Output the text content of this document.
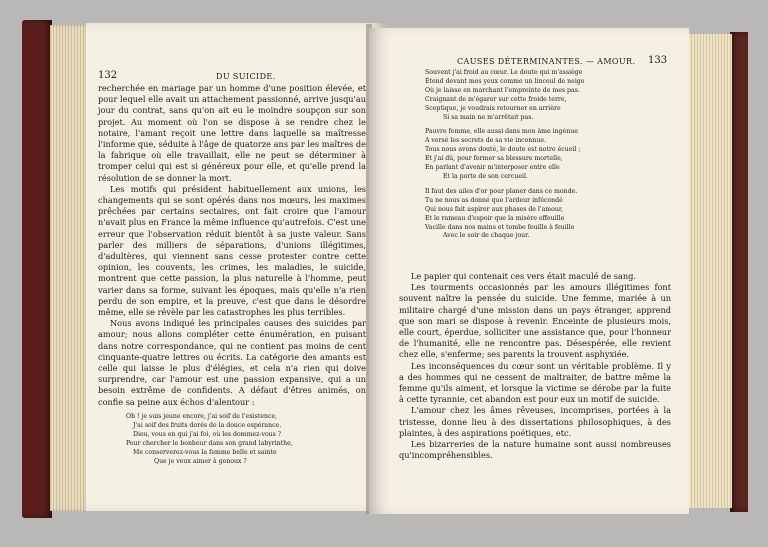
132	DU SUICIDE.

recherchée en mariage par un homme d'une position élevée, et pour lequel elle avait un attachement passionné, arrive jusqu'au jour du contrat, sans qu'on ait eu le moindre soupçon sur son projet. Au moment où l'on se dispose à se rendre chez le notaire, l'amant reçoit une lettre dans laquelle sa maîtresse l'informe que, séduite à l'âge de quatorze ans par les maîtres de la fabrique où elle travaillait, elle ne peut se déterminer à tromper celui qui est si généreux pour elle, et qu'elle prend la résolution de se donner la mort.

Les motifs qui président habituellement aux unions, les changements qui se sont opérés dans nos mœurs, les maximes prêchées par certains sectaires, ont fait croire que l'amour n'avait plus en France la même influence qu'autrefois. C'est une erreur que l'observation réduit bientôt à sa juste valeur. Sans parler des milliers de séparations, d'unions illégitimes, d'adultères, qui viennent sans cesse protester contre cette opinion, les couvents, les crimes, les maladies, le suicide, montrent que cette passion, la plus naturelle à l'homme, peut varier dans sa forme, suivant les époques, mais qu'elle n'a rien perdu de son empire, et la preuve, c'est que dans le désordre même, elle se révèle par les catastrophes les plus terribles.

Nous avons indiqué les principales causes des suicides par amour; nous allons compléter cette énumération, en puisant dans notre correspondance, qui ne contient pas moins de cent cinquante-quatre lettres ou écrits. La catégorie des amants est celle qui laisse le plus d'élégies, et cela n'a rien qui doive surprendre, car l'amour est une passion expansive, qui a un besoin extrême de confidents. A défaut d'êtres animés, on confie sa peine aux échos d'alentour :

Oh ! je suis jeune encore, j'ai soif de l'existence,
J'ai soif des fruits dorés de la douce espérance.
Dieu, vous en qui j'ai foi, où les dommez-vous ?
Pour chercher le bonheur dans son grand labyrinthe,
Me conserverez-vous la femme belle et sainte
Que je veux aimer à genoux ?
CAUSES DÉTERMINANTES. — AMOUR. 133
Souvent j'ai froid au cœur. Le doute qui m'assiège
Étend devant mes yeux comme un linceul de neige
Où je laisse en marchant l'empreinte de mes pas.
Craignant de m'égarer sur cette froide terre,
Sceptique, je voudrais retourner en arrière
Si sa main ne m'arrêtait pas.
Pauvre femme, elle aussi dans mon âme ingénue
A versé les secrets de sa vie inconnue.
Tous nous avons douté, le doute est notre écueil ;
Et j'ai dû, pour fermer sa blessure mortelle,
En parlant d'avenir m'interposer entre elle
Et la porte de son cercueil.
Il faut des ailes d'or pour planer dans ce monde.
Tu ne nous as donné que l'ardeur infécondé
Qui nous fait aspirer aux phases de l'amour,
Et le rameau d'espoir que la misère effeuille
Vacille dans nos mains et tombe feuille à feuille
Avec le soir de chaque jour.

Le papier qui contenait ces vers était maculé de sang.

Les tourments occasionnés par les amours illégitimes font souvent naître la pensée du suicide. Une femme, mariée à un militaire chargé d'une mission dans un pays étranger, apprend que son mari se dispose à revenir. Enceinte de plusieurs mois, elle court, éperdue, solliciter une assistance que, pour l'honneur de l'humanité, elle ne rencontre pas. Désespérée, elle revient chez elle, s'enferme; ses parents la trouvent asphyxiée.

Les inconséquences du cœur sont un véritable problème. Il y a des hommes qui ne cessent de maltraiter, de battre même la femme qu'ils aiment, et lorsque la victime se dérobe par la fuite à cette tyrannie, cet abandon est pour eux un motif de suicide.

L'amour chez les âmes rêveuses, incomprises, portées à la tristesse, donne lieu à des dissertations philosophiques, à des plaintes, à des aspirations poétiques, etc.

Les bizarreries de la nature humaine sont aussi nombreuses qu'incompréhensibles.
